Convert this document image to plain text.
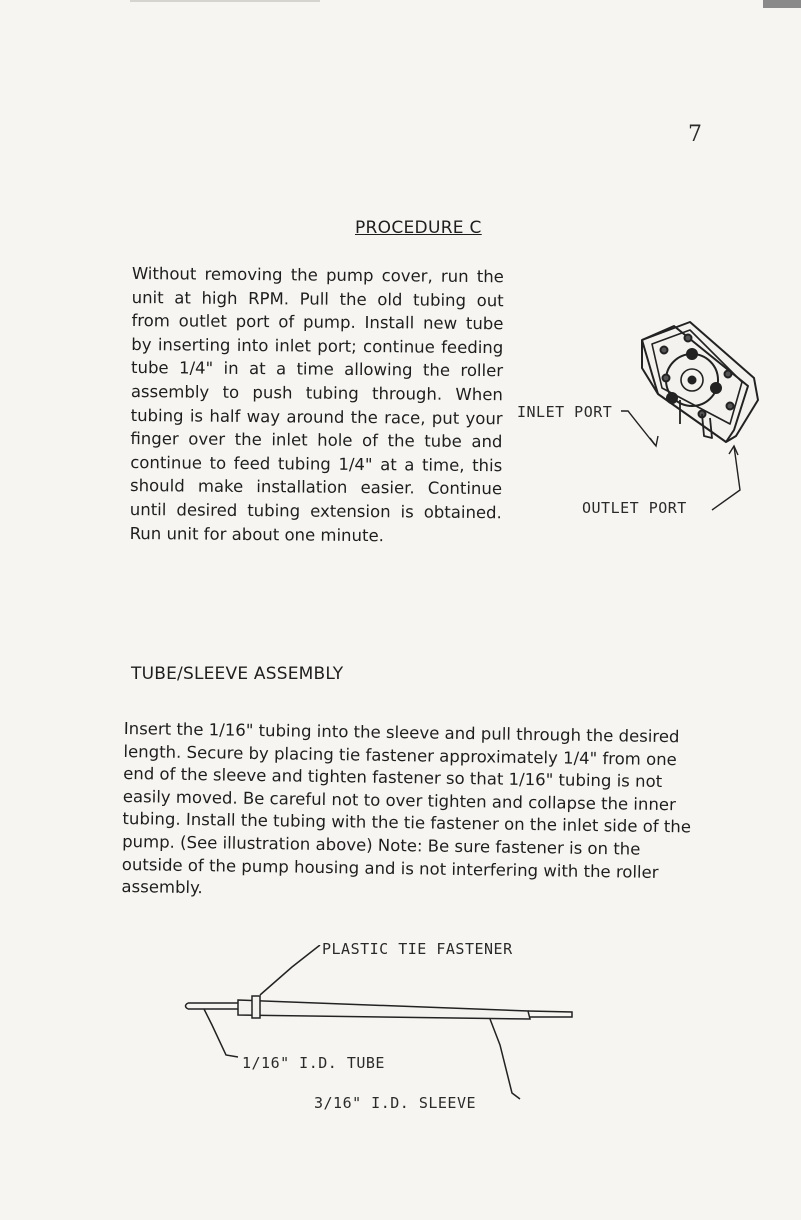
7
PROCEDURE C

Without removing the pump cover, run the unit at high RPM. Pull the old tubing out from outlet port of pump. Install new tube by inserting into inlet port; continue feeding tube 1/4" in at a time allowing the roller assembly to push tubing through. When tubing is half way around the race, put your finger over the inlet hole of the tube and continue to feed tubing 1/4" at a time, this should make installation easier. Continue until desired tubing extension is obtained. Run unit for about one minute.

INLET PORT
OUTLET PORT
TUBE/SLEEVE ASSEMBLY

Insert the 1/16" tubing into the sleeve and pull through the desired length. Secure by placing tie fastener approximately 1/4" from one end of the sleeve and tighten fastener so that 1/16" tubing is not easily moved. Be careful not to over tighten and collapse the inner tubing. Install the tubing with the tie fastener on the inlet side of the pump. (See illustration above) Note: Be sure fastener is on the outside of the pump housing and is not interfering with the roller assembly.

PLASTIC TIE FASTENER
1/16" I.D. TUBE
3/16" I.D. SLEEVE
